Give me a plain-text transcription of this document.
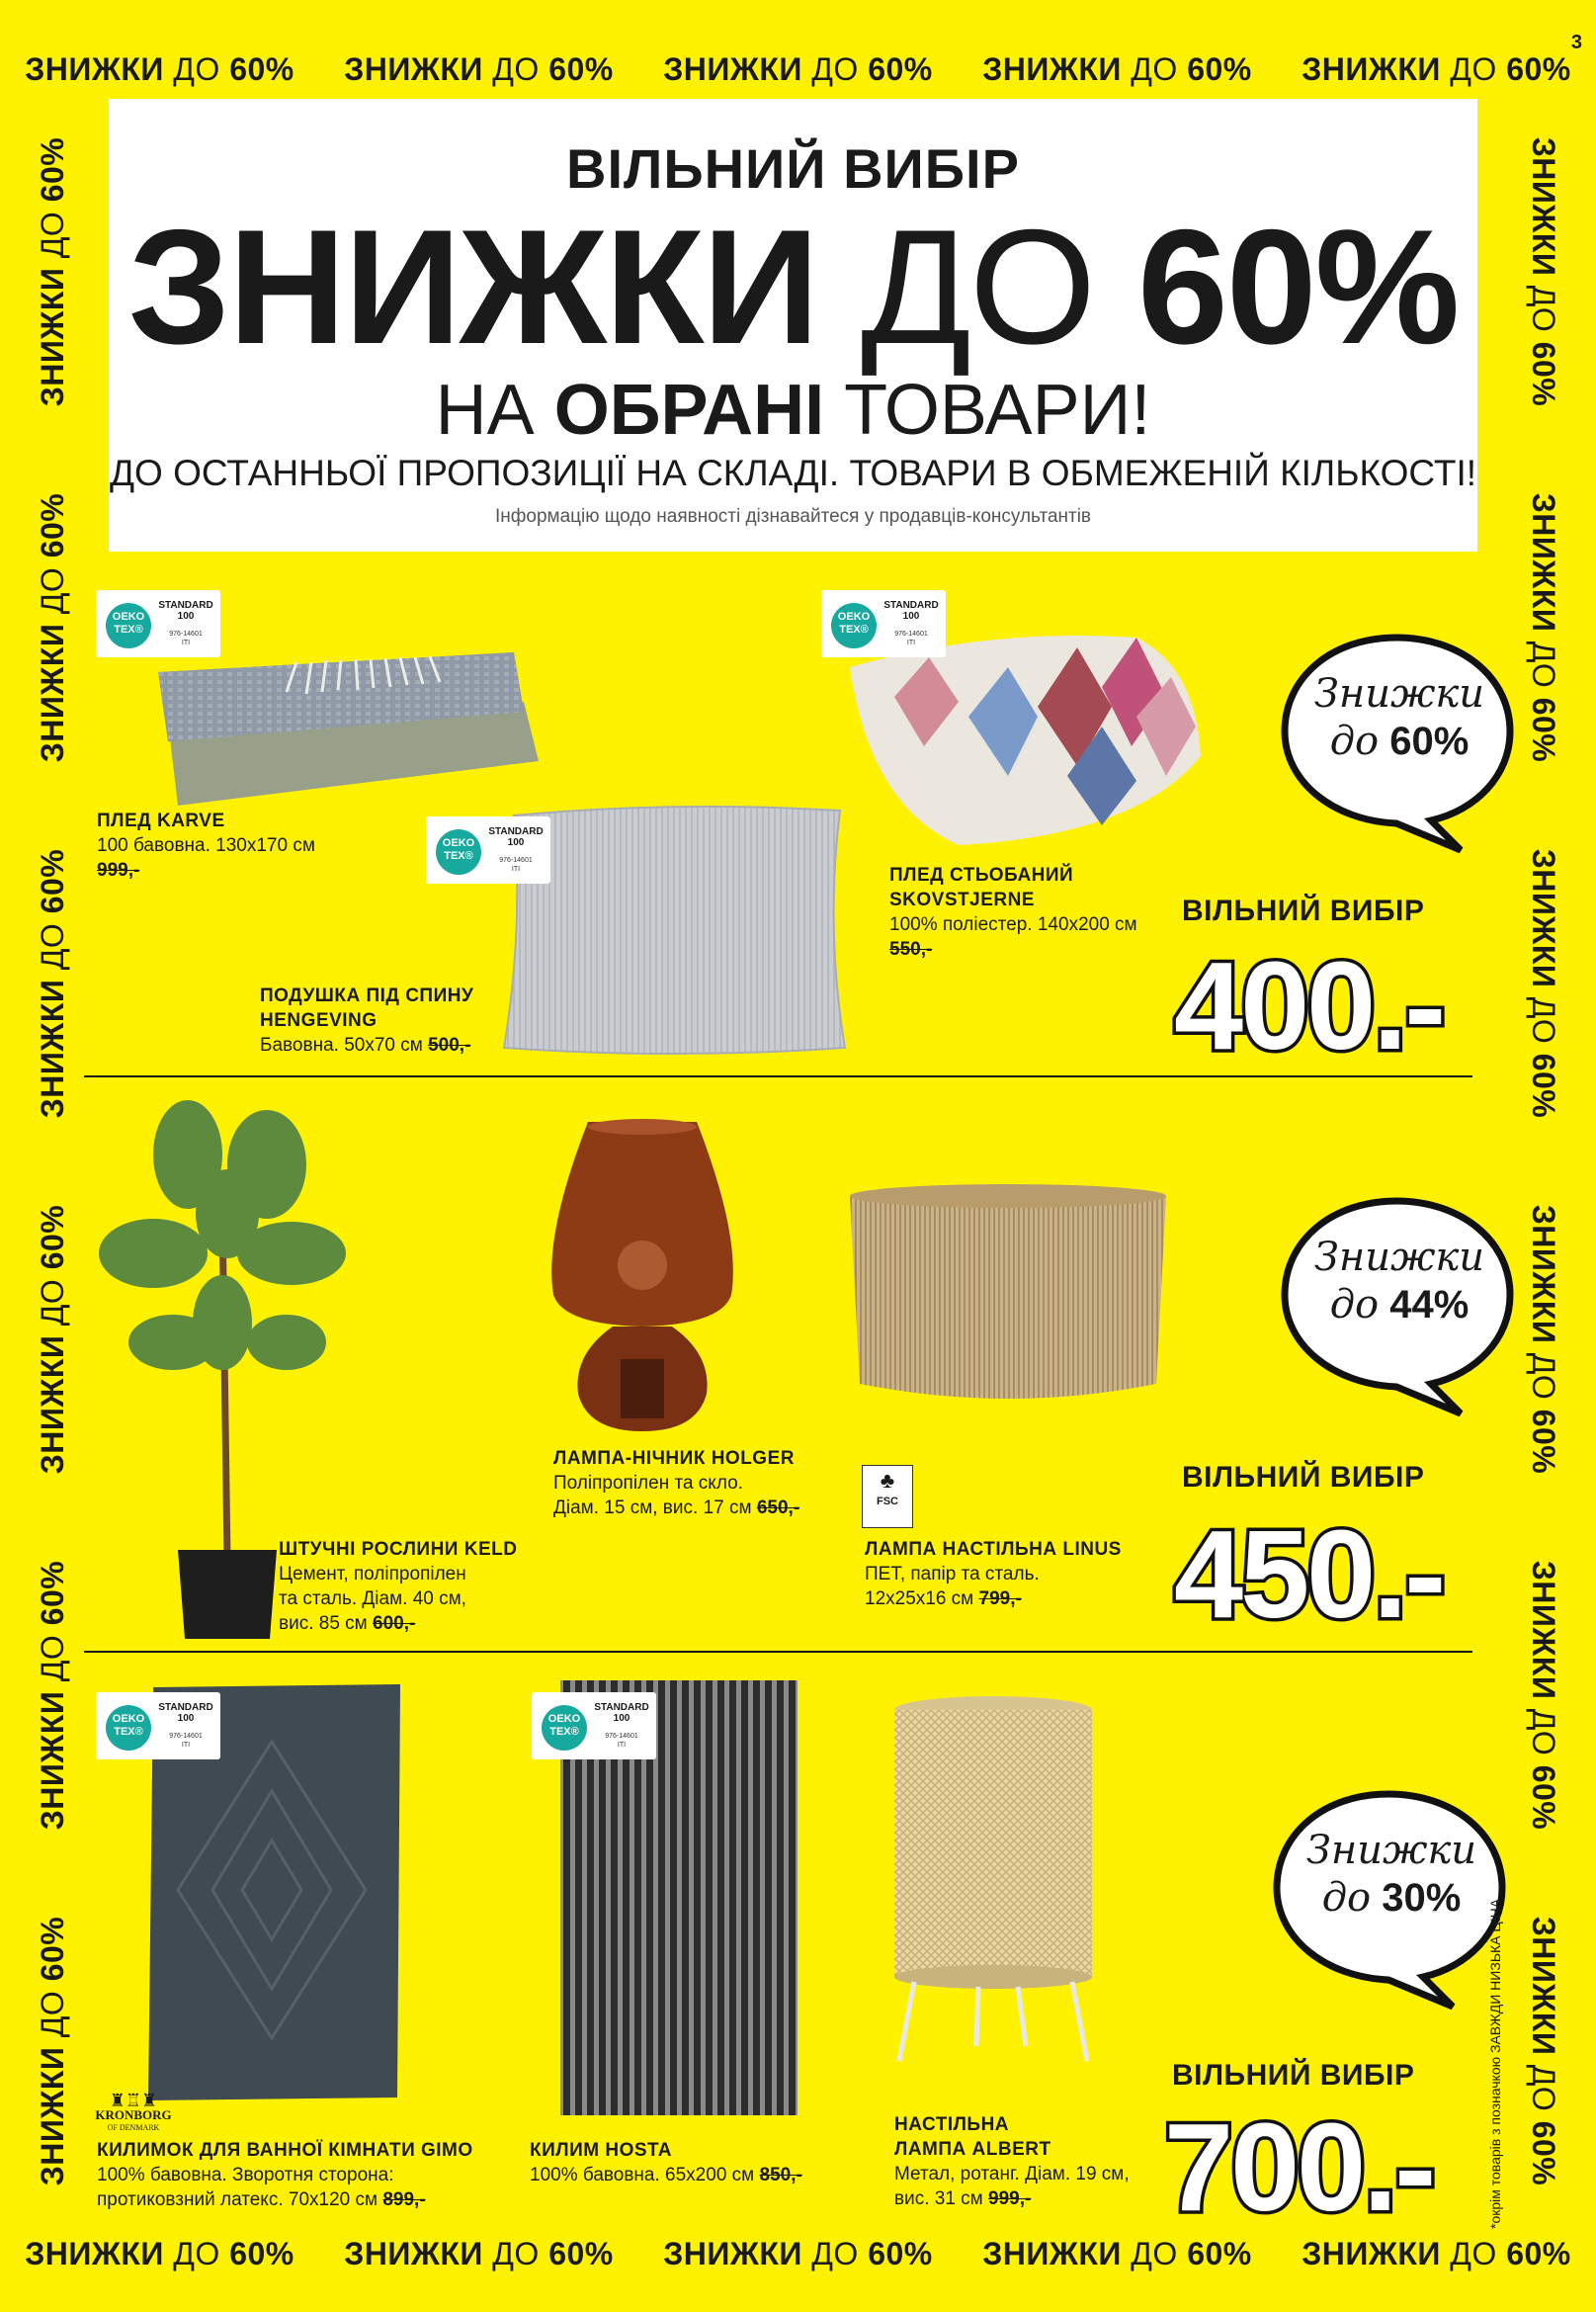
3
ЗНИЖКИ ДО 60% ЗНИЖКИ ДО 60% ЗНИЖКИ ДО 60% ЗНИЖКИ ДО 60% ЗНИЖКИ ДО 60%
ЗНИЖКИ ДО 60% ЗНИЖКИ ДО 60% ЗНИЖКИ ДО 60% ЗНИЖКИ ДО 60% ЗНИЖКИ ДО 60%
ЗНИЖКИ ДО 60%
ЗНИЖКИ ДО 60%
ЗНИЖКИ ДО 60%
ЗНИЖКИ ДО 60%
ЗНИЖКИ ДО 60%
ЗНИЖКИ ДО 60%	ЗНИЖКИ ДО 60%
ЗНИЖКИ ДО 60%
ЗНИЖКИ ДО 60%
ЗНИЖКИ ДО 60%
ЗНИЖКИ ДО 60%
ЗНИЖКИ ДО 60%
ВІЛЬНИЙ ВИБІР
ЗНИЖКИ ДО 60%
НА ОБРАНІ ТОВАРИ!
ДО ОСТАННЬОЇ ПРОПОЗИЦІЇ НА СКЛАДІ. ТОВАРИ В ОБМЕЖЕНІЙ КІЛЬКОСТІ!
Інформацію щодо наявності дізнавайтеся у продавців-консультантів
OEKO
TEX®
STANDARD
100
976-14601
ITI
ПЛЕД KARVE
100 бавовна. 130x170 см
999,-
OEKO
TEX®
STANDARD
100
976-14601
ITI
ПОДУШКА ПІД СПИНУ
HENGEVING
Бавовна. 50x70 см 500,-
OEKO
TEX®
STANDARD
100
976-14601
ITI
ПЛЕД СТЬОБАНИЙ
SKOVSTJERNE
100% поліестер. 140x200 см
550,-
Знижки
до 60%
ВІЛЬНИЙ ВИБІР
400.-
ШТУЧНІ РОСЛИНИ KELD
Цемент, поліпропілен
та сталь. Діам. 40 см,
вис. 85 см 600,-
ЛАМПА-НІЧНИК HOLGER
Поліпропілен та скло.
Діам. 15 см, вис. 17 см 650,-
♣
FSC
ЛАМПА НАСТІЛЬНА LINUS
ПЕТ, папір та сталь.
12x25x16 см 799,-
Знижки
до 44%
ВІЛЬНИЙ ВИБІР
450.-
OEKO
TEX®
STANDARD
100
976-14601
ITI
♜♖♜
KRONBORG
OF DENMARK
КИЛИМОК ДЛЯ ВАННОЇ КІМНАТИ GIMO
100% бавовна. Зворотня сторона:
протиковзний латекс. 70x120 см 899,-
OEKO
TEX®
STANDARD
100
976-14601
ITI
КИЛИМ HOSTA
100% бавовна. 65x200 см 850,-
НАСТІЛЬНА
ЛАМПА ALBERT
Метал, ротанг. Діам. 19 см,
вис. 31 см 999,-
Знижки
до 30%
ВІЛЬНИЙ ВИБІР
700.-	*окрім товарів з позначкою ЗАВЖДИ НИЗЬКА ЦІНА
